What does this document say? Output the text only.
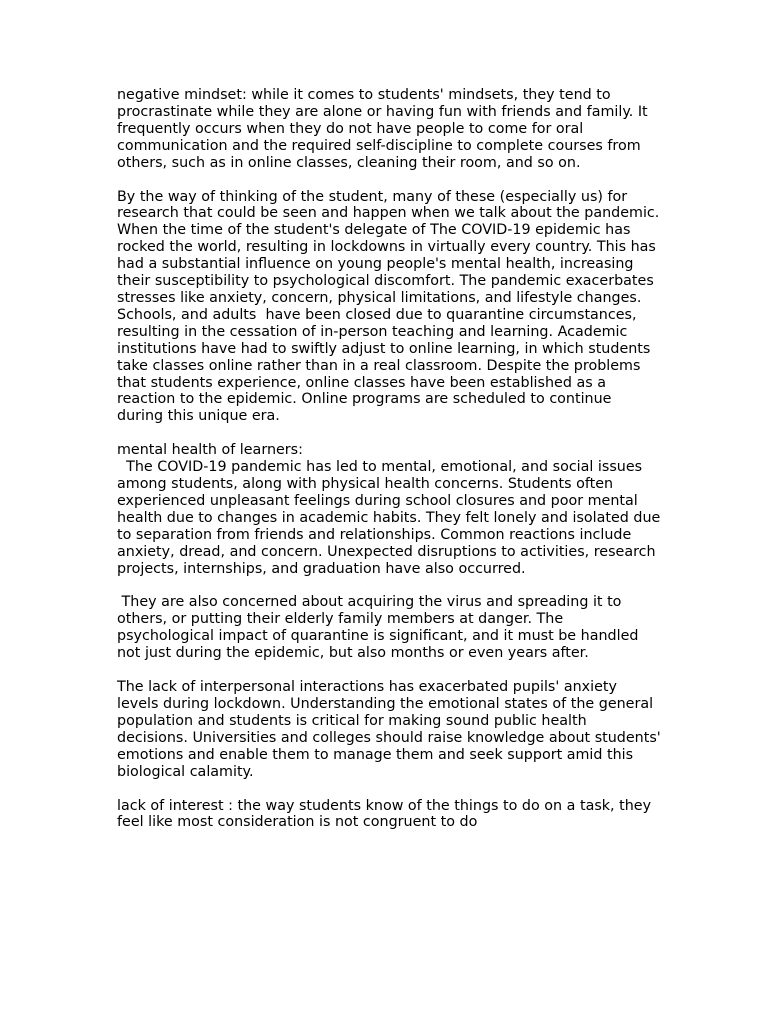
negative mindset: while it comes to students' mindsets, they tend to procrastinate while they are alone or having fun with friends and family. It frequently occurs when they do not have people to come for oral communication and the required self-discipline to complete courses from others, such as in online classes, cleaning their room, and so on.

By the way of thinking of the student, many of these (especially us) for research that could be seen and happen when we talk about the pandemic.

When the time of the student's delegate of The COVID-19 epidemic has rocked the world, resulting in lockdowns in virtually every country. This has had a substantial influence on young people's mental health, increasing their susceptibility to psychological discomfort. The pandemic exacerbates stresses like anxiety, concern, physical limitations, and lifestyle changes. Schools, and adults  have been closed due to quarantine circumstances, resulting in the cessation of in-person teaching and learning. Academic institutions have had to swiftly adjust to online learning, in which students take classes online rather than in a real classroom. Despite the problems that students experience, online classes have been established as a reaction to the epidemic. Online programs are scheduled to continue during this unique era.

mental health of learners:

The COVID-19 pandemic has led to mental, emotional, and social issues among students, along with physical health concerns. Students often experienced unpleasant feelings during school closures and poor mental health due to changes in academic habits. They felt lonely and isolated due to separation from friends and relationships. Common reactions include anxiety, dread, and concern. Unexpected disruptions to activities, research projects, internships, and graduation have also occurred.

They are also concerned about acquiring the virus and spreading it to others, or putting their elderly family members at danger. The psychological impact of quarantine is significant, and it must be handled not just during the epidemic, but also months or even years after.

The lack of interpersonal interactions has exacerbated pupils' anxiety levels during lockdown. Understanding the emotional states of the general population and students is critical for making sound public health decisions. Universities and colleges should raise knowledge about students' emotions and enable them to manage them and seek support amid this biological calamity.

lack of interest : the way students know of the things to do on a task, they feel like most consideration is not congruent to do
